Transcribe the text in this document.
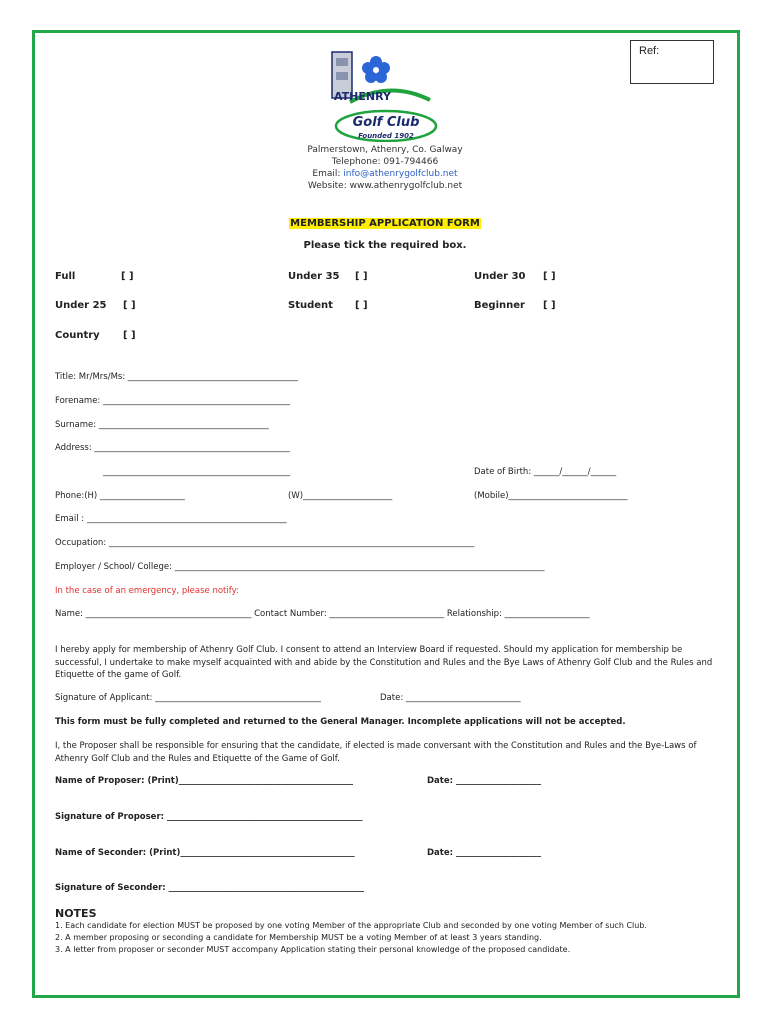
Ref:
ATHENRY
Golf Club
Founded 1902
Palmerstown, Athenry, Co. Galway
Telephone: 091-794466
Email: info@athenrygolfclub.net
Website: www.athenrygolfclub.net
MEMBERSHIP APPLICATION FORM
Please tick the required box.
Full	[ ]	Under 35 [ ]	Under 30 [ ]
Under 25 [ ]	Student [ ]	Beginner [ ]
Country [ ]
Title: Mr/Mrs/Ms: ________________________________________
Forename: ____________________________________________
Surname: ________________________________________
Address: ______________________________________________
____________________________________________	Date of Birth: ______/______/______
Phone:(H) ____________________	(W)_____________________	(Mobile)____________________________
Email : _______________________________________________
Occupation: ______________________________________________________________________________________
Employer / School/ College: _______________________________________________________________________________________
In the case of an emergency, please notify:
Name: _______________________________________ Contact Number: ___________________________ Relationship: ____________________
I hereby apply for membership of Athenry Golf Club. I consent to attend an Interview Board if requested. Should my application for membership be successful, I undertake to make myself acquainted with and abide by the Constitution and Rules and the Bye Laws of Athenry Golf Club and the Rules and Etiquette of the game of Golf.
Signature of Applicant: _______________________________________	Date: ___________________________
This form must be fully completed and returned to the General Manager. Incomplete applications will not be accepted.
I, the Proposer shall be responsible for ensuring that the candidate, if elected is made conversant with the Constitution and Rules and the Bye-Laws of Athenry Golf Club and the Rules and Etiquette of the Game of Golf.
Name of Proposer: (Print)_________________________________________	Date: ____________________
Signature of Proposer: ______________________________________________
Name of Seconder: (Print)_________________________________________	Date: ____________________
Signature of Seconder: ______________________________________________
NOTES
1. Each candidate for election MUST be proposed by one voting Member of the appropriate Club and seconded by one voting Member of such Club.
2. A member proposing or seconding a candidate for Membership MUST be a voting Member of at least 3 years standing.
3. A letter from proposer or seconder MUST accompany Application stating their personal knowledge of the proposed candidate.
